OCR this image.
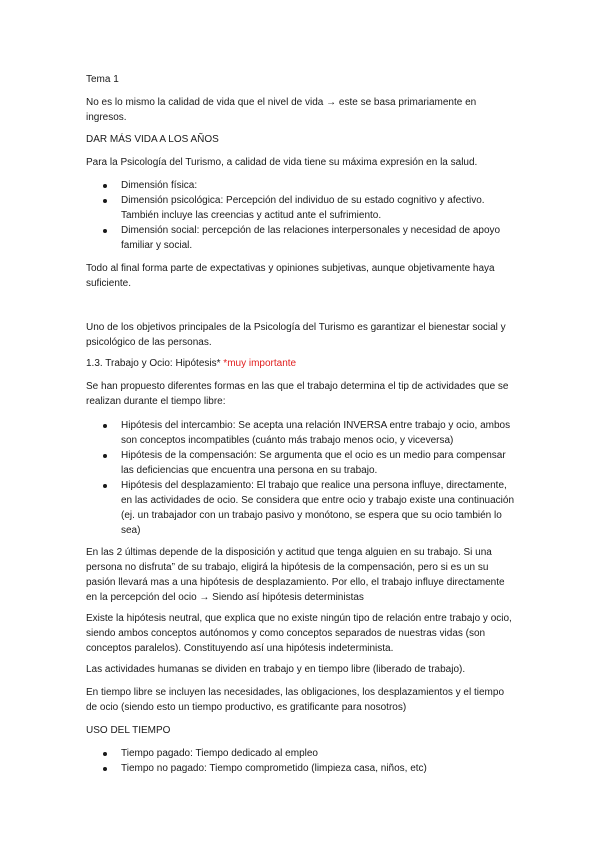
Tema 1

No es lo mismo la calidad de vida que el nivel de vida → este se basa primariamente en ingresos.

DAR MÁS VIDA A LOS AÑOS

Para la Psicología del Turismo, a calidad de vida tiene su máxima expresión en la salud.

Dimensión física:
Dimensión psicológica: Percepción del individuo de su estado cognitivo y afectivo. También incluye las creencias y actitud ante el sufrimiento.
Dimensión social: percepción de las relaciones interpersonales y necesidad de apoyo familiar y social.

Todo al final forma parte de expectativas y opiniones subjetivas, aunque objetivamente haya suficiente.

Uno de los objetivos principales de la Psicología del Turismo es garantizar el bienestar social y psicológico de las personas.

1.3. Trabajo y Ocio: Hipótesis* *muy importante

Se han propuesto diferentes formas en las que el trabajo determina el tip de actividades que se realizan durante el tiempo libre:

Hipótesis del intercambio: Se acepta una relación INVERSA entre trabajo y ocio, ambos son conceptos incompatibles (cuánto más trabajo menos ocio, y viceversa)
Hipótesis de la compensación: Se argumenta que el ocio es un medio para compensar las deficiencias que encuentra una persona en su trabajo.
Hipótesis del desplazamiento: El trabajo que realice una persona influye, directamente, en las actividades de ocio. Se considera que entre ocio y trabajo existe una continuación (ej. un trabajador con un trabajo pasivo y monótono, se espera que su ocio también lo sea)

En las 2 últimas depende de la disposición y actitud que tenga alguien en su trabajo. Si una persona no disfruta” de su trabajo, eligirá la hipótesis de la compensación, pero si es un su pasión llevará mas a una hipótesis de desplazamiento. Por ello, el trabajo influye directamente en la percepción del ocio → Siendo así hipótesis deterministas

Existe la hipótesis neutral, que explica que no existe ningún tipo de relación entre trabajo y ocio, siendo ambos conceptos autónomos y como conceptos separados de nuestras vidas (son conceptos paralelos). Constituyendo así una hipótesis indeterminista.

Las actividades humanas se dividen en trabajo y en tiempo libre (liberado de trabajo).

En tiempo libre se incluyen las necesidades, las obligaciones, los desplazamientos y el tiempo de ocio (siendo esto un tiempo productivo, es gratificante para nosotros)

USO DEL TIEMPO

Tiempo pagado: Tiempo dedicado al empleo
Tiempo no pagado: Tiempo comprometido (limpieza casa, niños, etc)
